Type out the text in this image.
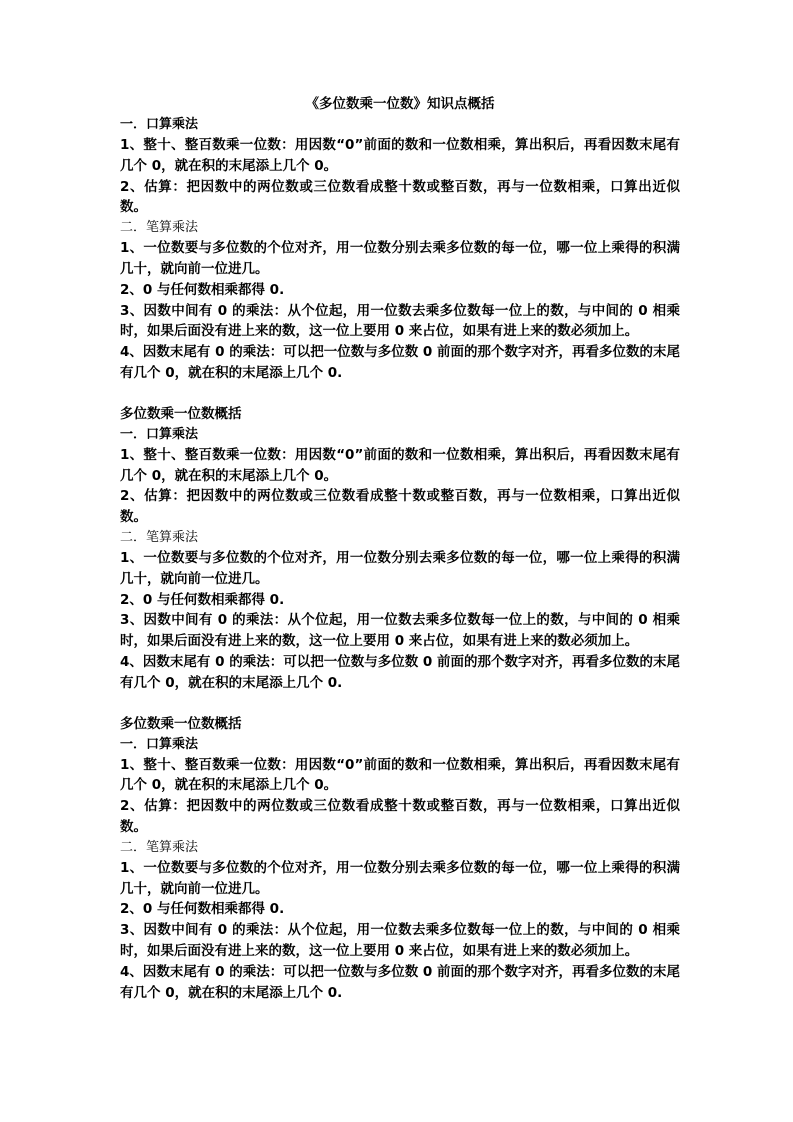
《多位数乘一位数》知识点概括

一．口算乘法

1、整十、整百数乘一位数：用因数“0”前面的数和一位数相乘，算出积后，再看因数末尾有几个 0，就在积的末尾添上几个 0。

2、估算：把因数中的两位数或三位数看成整十数或整百数，再与一位数相乘，口算出近似数。

二．笔算乘法

1、一位数要与多位数的个位对齐，用一位数分别去乘多位数的每一位，哪一位上乘得的积满几十，就向前一位进几。

2、0 与任何数相乘都得 0.

3、因数中间有 0 的乘法：从个位起，用一位数去乘多位数每一位上的数，与中间的 0 相乘时，如果后面没有进上来的数，这一位上要用 0 来占位，如果有进上来的数必须加上。

4、因数末尾有 0 的乘法：可以把一位数与多位数 0 前面的那个数字对齐，再看多位数的末尾有几个 0，就在积的末尾添上几个 0.

多位数乘一位数概括

一．口算乘法

1、整十、整百数乘一位数：用因数“0”前面的数和一位数相乘，算出积后，再看因数末尾有几个 0，就在积的末尾添上几个 0。

2、估算：把因数中的两位数或三位数看成整十数或整百数，再与一位数相乘，口算出近似数。

二．笔算乘法

1、一位数要与多位数的个位对齐，用一位数分别去乘多位数的每一位，哪一位上乘得的积满几十，就向前一位进几。

2、0 与任何数相乘都得 0.

3、因数中间有 0 的乘法：从个位起，用一位数去乘多位数每一位上的数，与中间的 0 相乘时，如果后面没有进上来的数，这一位上要用 0 来占位，如果有进上来的数必须加上。

4、因数末尾有 0 的乘法：可以把一位数与多位数 0 前面的那个数字对齐，再看多位数的末尾有几个 0，就在积的末尾添上几个 0.

多位数乘一位数概括

一．口算乘法

1、整十、整百数乘一位数：用因数“0”前面的数和一位数相乘，算出积后，再看因数末尾有几个 0，就在积的末尾添上几个 0。

2、估算：把因数中的两位数或三位数看成整十数或整百数，再与一位数相乘，口算出近似数。

二．笔算乘法

1、一位数要与多位数的个位对齐，用一位数分别去乘多位数的每一位，哪一位上乘得的积满几十，就向前一位进几。

2、0 与任何数相乘都得 0.

3、因数中间有 0 的乘法：从个位起，用一位数去乘多位数每一位上的数，与中间的 0 相乘时，如果后面没有进上来的数，这一位上要用 0 来占位，如果有进上来的数必须加上。

4、因数末尾有 0 的乘法：可以把一位数与多位数 0 前面的那个数字对齐，再看多位数的末尾有几个 0，就在积的末尾添上几个 0.
